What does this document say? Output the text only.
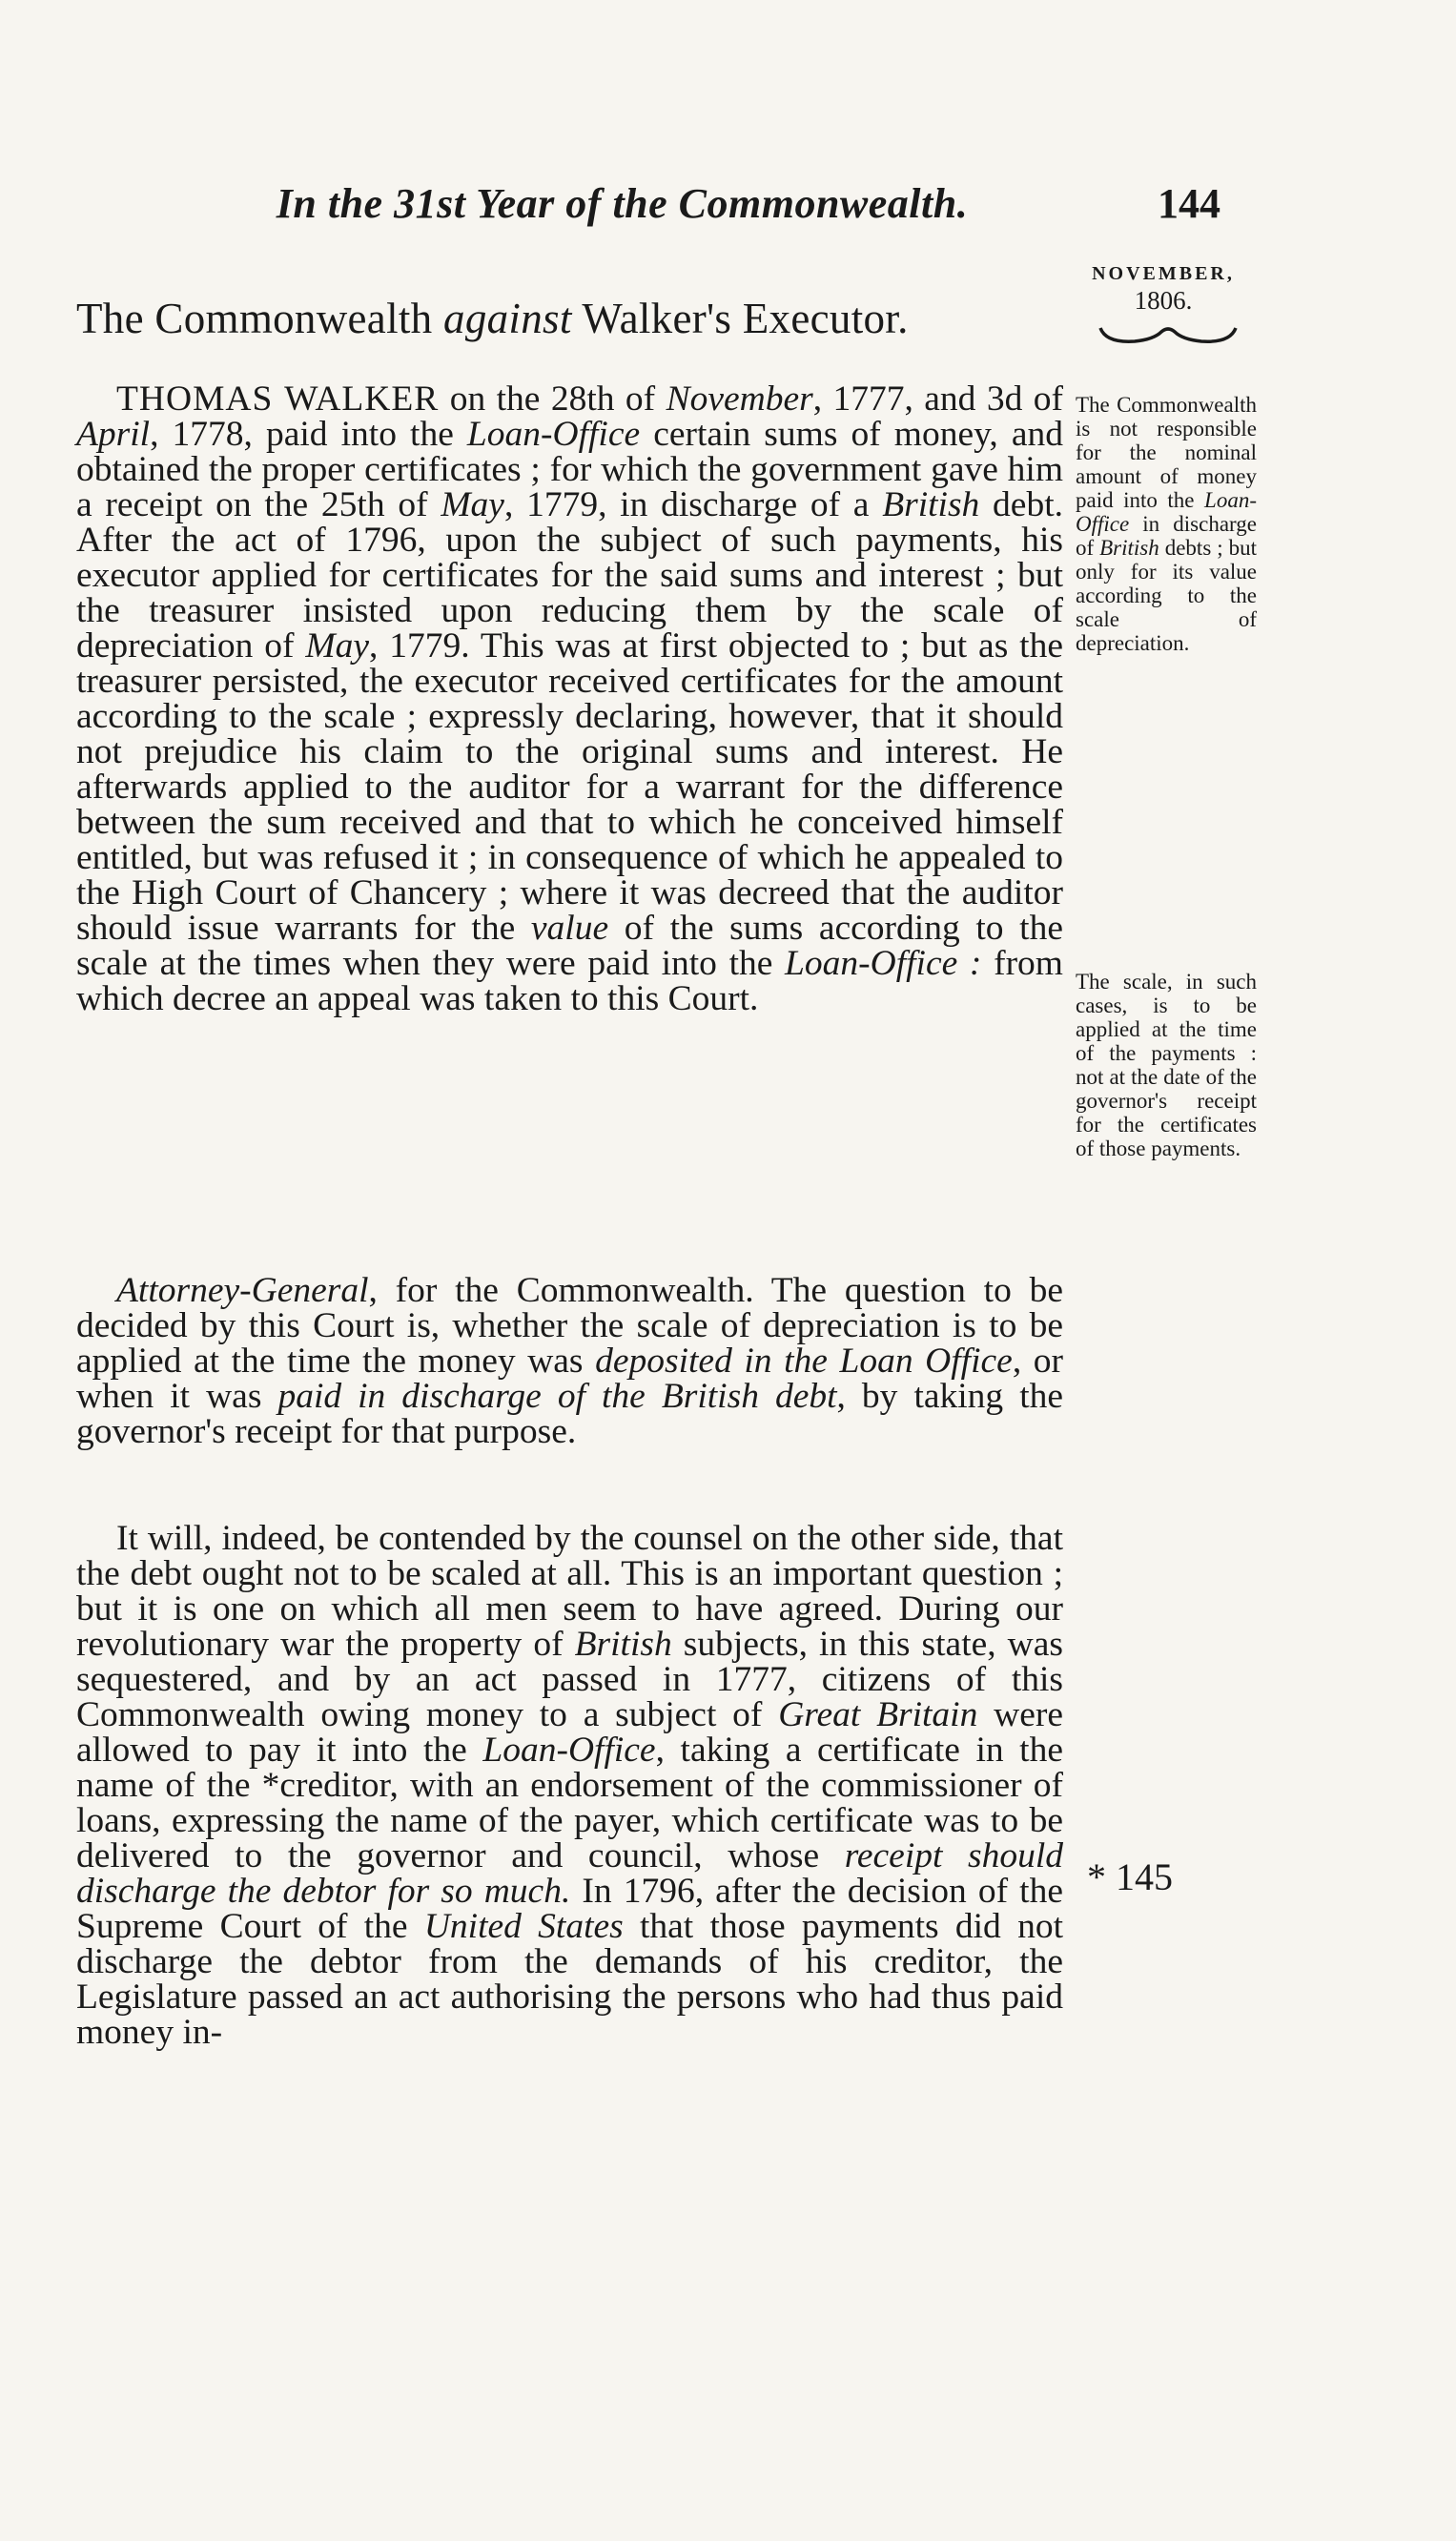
In the 31st Year of the Commonwealth.	144
NOVEMBER,
1806.
The Commonwealth against Walker's Executor.

THOMAS WALKER on the 28th of November, 1777, and 3d of April, 1778, paid into the Loan-Office certain sums of money, and obtained the proper certificates ; for which the government gave him a receipt on the 25th of May, 1779, in discharge of a British debt. After the act of 1796, upon the subject of such payments, his executor applied for certificates for the said sums and interest ; but the treasurer insisted upon reducing them by the scale of depreciation of May, 1779. This was at first objected to ; but as the treasurer persisted, the executor received certificates for the amount according to the scale ; expressly declaring, however, that it should not prejudice his claim to the original sums and interest. He afterwards applied to the auditor for a warrant for the difference between the sum received and that to which he conceived himself entitled, but was refused it ; in consequence of which he appealed to the High Court of Chancery ; where it was decreed that the auditor should issue warrants for the value of the sums according to the scale at the times when they were paid into the Loan-Office : from which decree an appeal was taken to this Court.

Attorney-General, for the Commonwealth. The question to be decided by this Court is, whether the scale of depreciation is to be applied at the time the money was deposited in the Loan Office, or when it was paid in discharge of the British debt, by taking the governor's receipt for that purpose.

It will, indeed, be contended by the counsel on the other side, that the debt ought not to be scaled at all. This is an important question ; but it is one on which all men seem to have agreed. During our revolutionary war the property of British subjects, in this state, was sequestered, and by an act passed in 1777, citizens of this Commonwealth owing money to a subject of Great Britain were allowed to pay it into the Loan-Office, taking a certificate in the name of the *creditor, with an endorsement of the commissioner of loans, expressing the name of the payer, which certificate was to be delivered to the governor and council, whose receipt should discharge the debtor for so much. In 1796, after the decision of the Supreme Court of the United States that those payments did not discharge the debtor from the demands of his creditor, the Legislature passed an act authorising the persons who had thus paid money in-

The Commonwealth is not responsible for the nominal amount of money paid into the Loan-Office in discharge of British debts ; but only for its value according to the scale of depreciation.

The scale, in such cases, is to be applied at the time of the payments : not at the date of the governor's receipt for the certificates of those payments.

* 145
